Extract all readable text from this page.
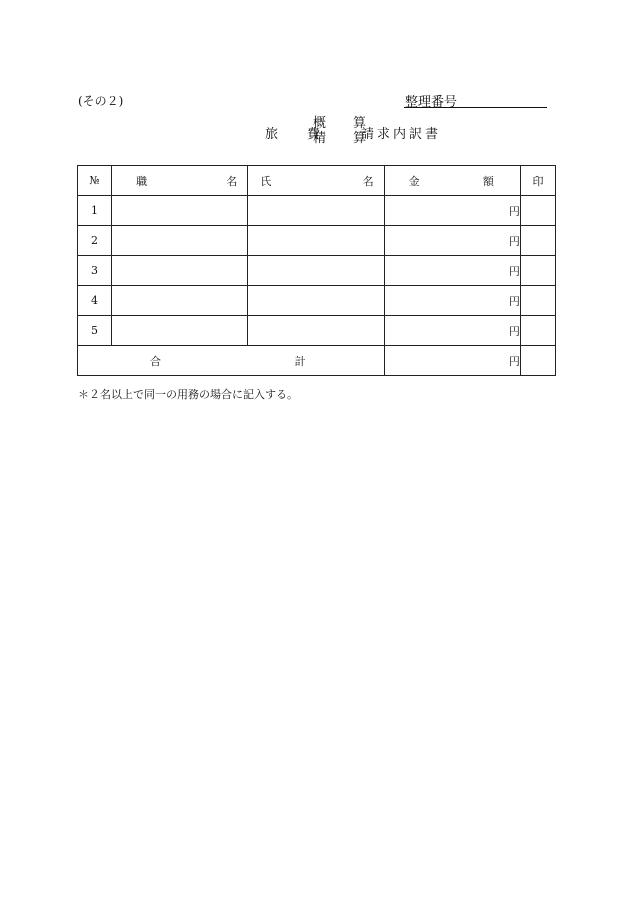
(その２)	整理番号
旅　費
概　算
精　算
請求内訳書
№	職 名	氏 名	金 額	印
1			円	
2			円	
3			円	
4			円	
5			円	

合 計			円	
＊２名以上で同一の用務の場合に記入する。
